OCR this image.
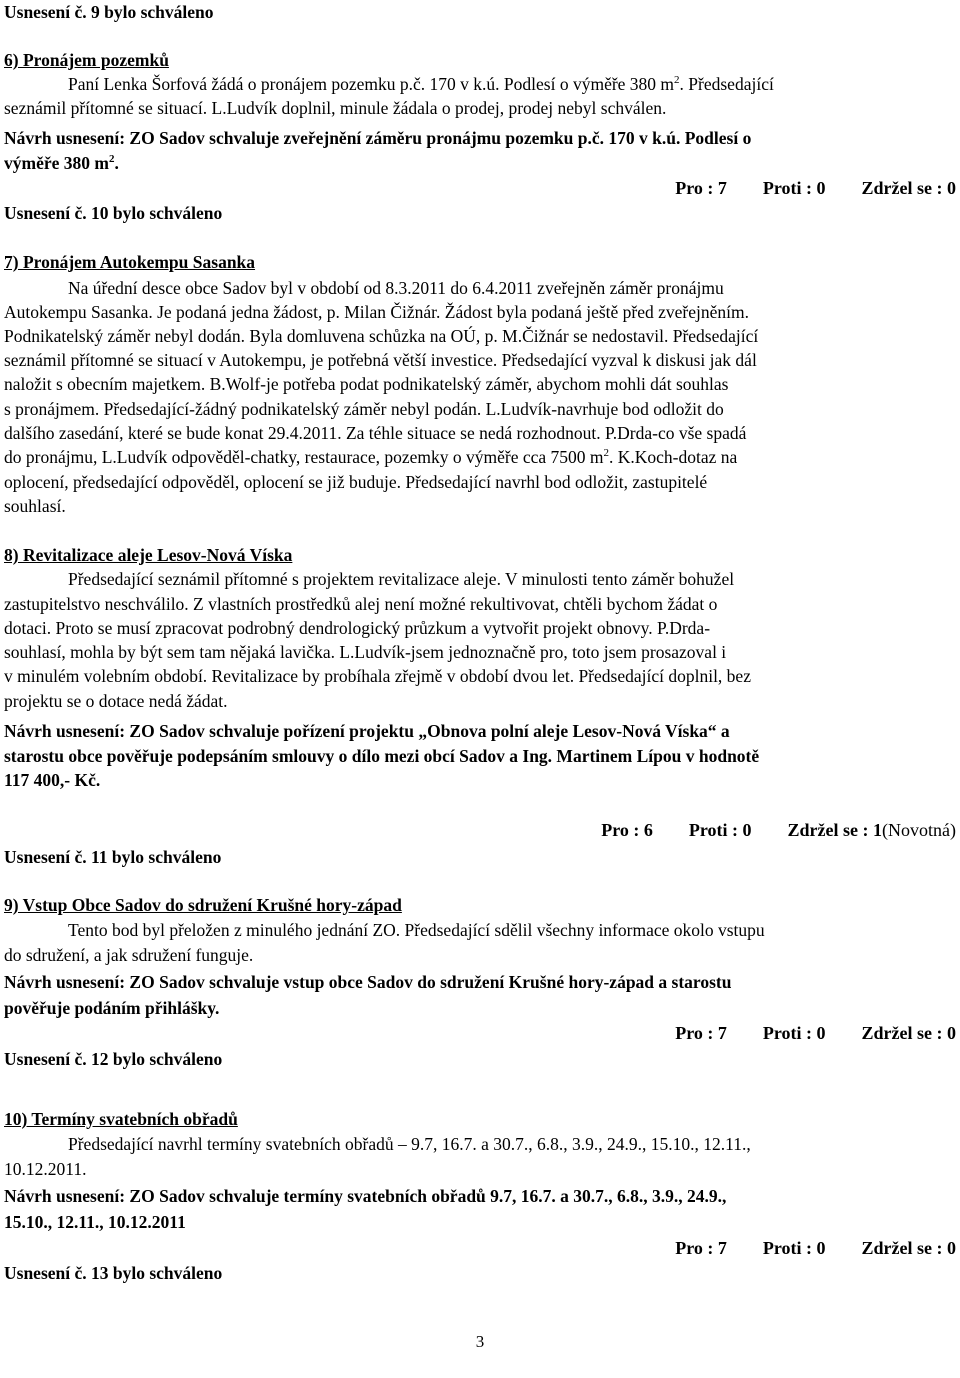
Usnesení č. 9 bylo schváleno
6) Pronájem pozemků
Paní Lenka Šorfová žádá o pronájem pozemku p.č. 170 v k.ú. Podlesí o výměře 380 $m^2$. Předsedající
seznámil přítomné se situací. L.Ludvík doplnil, minule žádala o prodej, prodej nebyl schválen.
Návrh usnesení: ZO Sadov schvaluje zveřejnění záměru pronájmu pozemku p.č. 170 v k.ú. Podlesí o
výměře 380 $m^2$.
Pro : 7 Proti : 0 Zdržel se : 0
Usnesení č. 10 bylo schváleno
7) Pronájem Autokempu Sasanka
Na úřední desce obce Sadov byl v období od 8.3.2011 do 6.4.2011 zveřejněn záměr pronájmu
Autokempu Sasanka. Je podaná jedna žádost, p. Milan Čižnár. Žádost byla podaná ještě před zveřejněním.
Podnikatelský záměr nebyl dodán. Byla domluvena schůzka na OÚ, p. M.Čižnár se nedostavil. Předsedající
seznámil přítomné se situací v Autokempu, je potřebná větší investice. Předsedající vyzval k diskusi jak dál
naložit s obecním majetkem. B.Wolf-je potřeba podat podnikatelský záměr, abychom mohli dát souhlas
s pronájmem. Předsedající-žádný podnikatelský záměr nebyl podán. L.Ludvík-navrhuje bod odložit do
dalšího zasedání, které se bude konat 29.4.2011. Za téhle situace se nedá rozhodnout. P.Drda-co vše spadá
do pronájmu, L.Ludvík odpověděl-chatky, restaurace, pozemky o výměře cca 7500 $m^2$. K.Koch-dotaz na
oplocení, předsedající odpověděl, oplocení se již buduje. Předsedající navrhl bod odložit, zastupitelé
souhlasí.
8) Revitalizace aleje Lesov-Nová Víska
Předsedající seznámil přítomné s projektem revitalizace aleje. V minulosti tento záměr bohužel
zastupitelstvo neschválilo. Z vlastních prostředků alej není možné rekultivovat, chtěli bychom žádat o
dotaci. Proto se musí zpracovat podrobný dendrologický průzkum a vytvořit projekt obnovy. P.Drda-
souhlasí, mohla by být sem tam nějaká lavička. L.Ludvík-jsem jednoznačně pro, toto jsem prosazoval i
v minulém volebním období. Revitalizace by probíhala zřejmě v období dvou let. Předsedající doplnil, bez
projektu se o dotace nedá žádat.
Návrh usnesení: ZO Sadov schvaluje pořízení projektu „Obnova polní aleje Lesov-Nová Víska“ a
starostu obce pověřuje podepsáním smlouvy o dílo mezi obcí Sadov a Ing. Martinem Lípou v hodnotě
117 400,- Kč.
Pro : 6 Proti : 0 Zdržel se : 1(Novotná)
Usnesení č. 11 bylo schváleno
9) Vstup Obce Sadov do sdružení Krušné hory-západ
Tento bod byl přeložen z minulého jednání ZO. Předsedající sdělil všechny informace okolo vstupu
do sdružení, a jak sdružení funguje.
Návrh usnesení: ZO Sadov schvaluje vstup obce Sadov do sdružení Krušné hory-západ a starostu
pověřuje podáním přihlášky.
Pro : 7 Proti : 0 Zdržel se : 0
Usnesení č. 12 bylo schváleno
10) Termíny svatebních obřadů
Předsedající navrhl termíny svatebních obřadů – 9.7, 16.7. a 30.7., 6.8., 3.9., 24.9., 15.10., 12.11.,
10.12.2011.
Návrh usnesení: ZO Sadov schvaluje termíny svatebních obřadů 9.7, 16.7. a 30.7., 6.8., 3.9., 24.9.,
15.10., 12.11., 10.12.2011
Pro : 7 Proti : 0 Zdržel se : 0
Usnesení č. 13 bylo schváleno
3
